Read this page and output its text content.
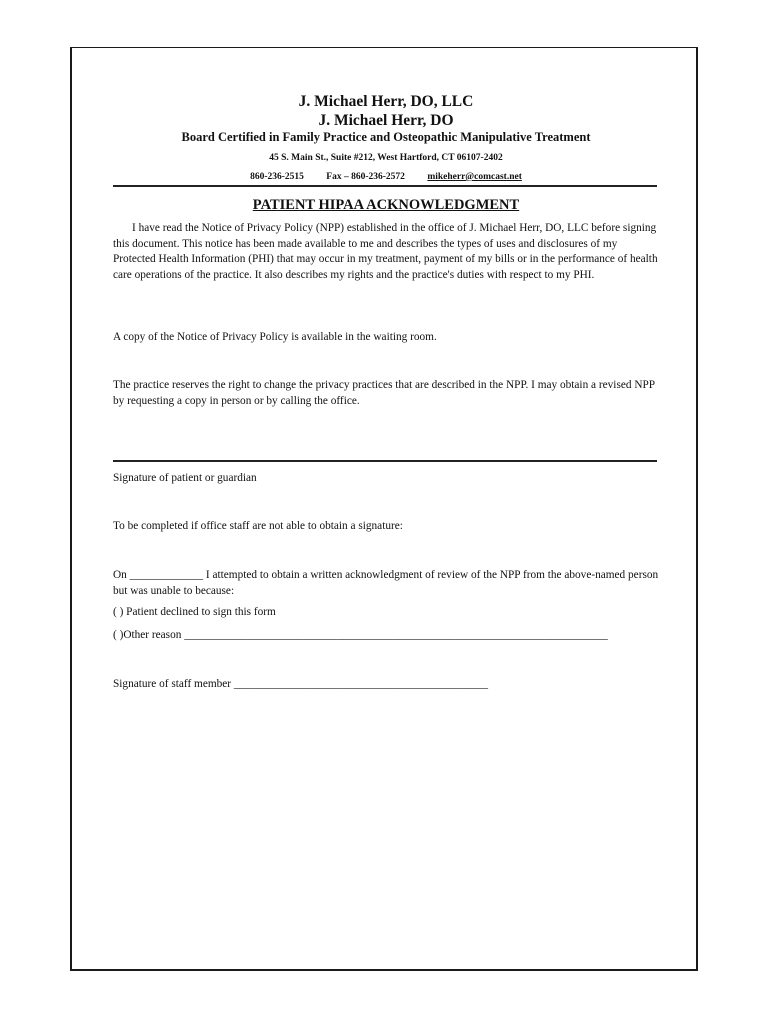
J. Michael Herr, DO, LLC
J. Michael Herr, DO
Board Certified in Family Practice and Osteopathic Manipulative Treatment
45 S. Main St., Suite #212, West Hartford, CT 06107-2402
860-236-2515 Fax – 860-236-2572 mikeherr@comcast.net
PATIENT HIPAA ACKNOWLEDGMENT
I have read the Notice of Privacy Policy (NPP) established in the office of J. Michael Herr, DO, LLC before signing this document. This notice has been made available to me and describes the types of uses and disclosures of my Protected Health Information (PHI) that may occur in my treatment, payment of my bills or in the performance of health care operations of the practice. It also describes my rights and the practice's duties with respect to my PHI.
A copy of the Notice of Privacy Policy is available in the waiting room.
The practice reserves the right to change the privacy practices that are described in the NPP. I may obtain a revised NPP by requesting a copy in person or by calling the office.
Signature of patient or guardian
To be completed if office staff are not able to obtain a signature:
On _____________ I attempted to obtain a written acknowledgment of review of the NPP from the above-named person but was unable to because:
( ) Patient declined to sign this form
( )Other reason ___________________________________________________________________________
Signature of staff member _____________________________________________
